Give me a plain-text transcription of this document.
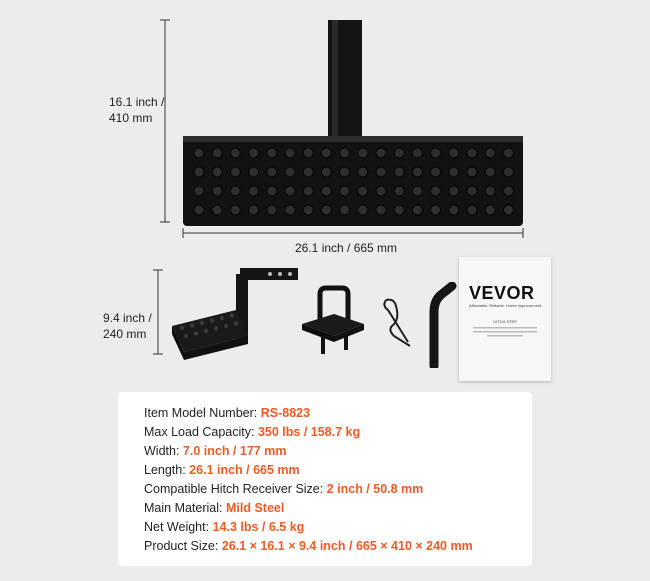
16.1 inch /
410 mm
26.1 inch / 665 mm
9.4 inch /
240 mm
VEVOR
Affordable. Reliable. Home Improvement.
HITCH STEP
Item Model Number: RS-8823
Max Load Capacity: 350 lbs / 158.7 kg
Width: 7.0 inch / 177 mm
Length: 26.1 inch / 665 mm
Compatible Hitch Receiver Size: 2 inch / 50.8 mm
Main Material: Mild Steel
Net Weight: 14.3 lbs / 6.5 kg
Product Size: 26.1 × 16.1 × 9.4 inch / 665 × 410 × 240 mm
